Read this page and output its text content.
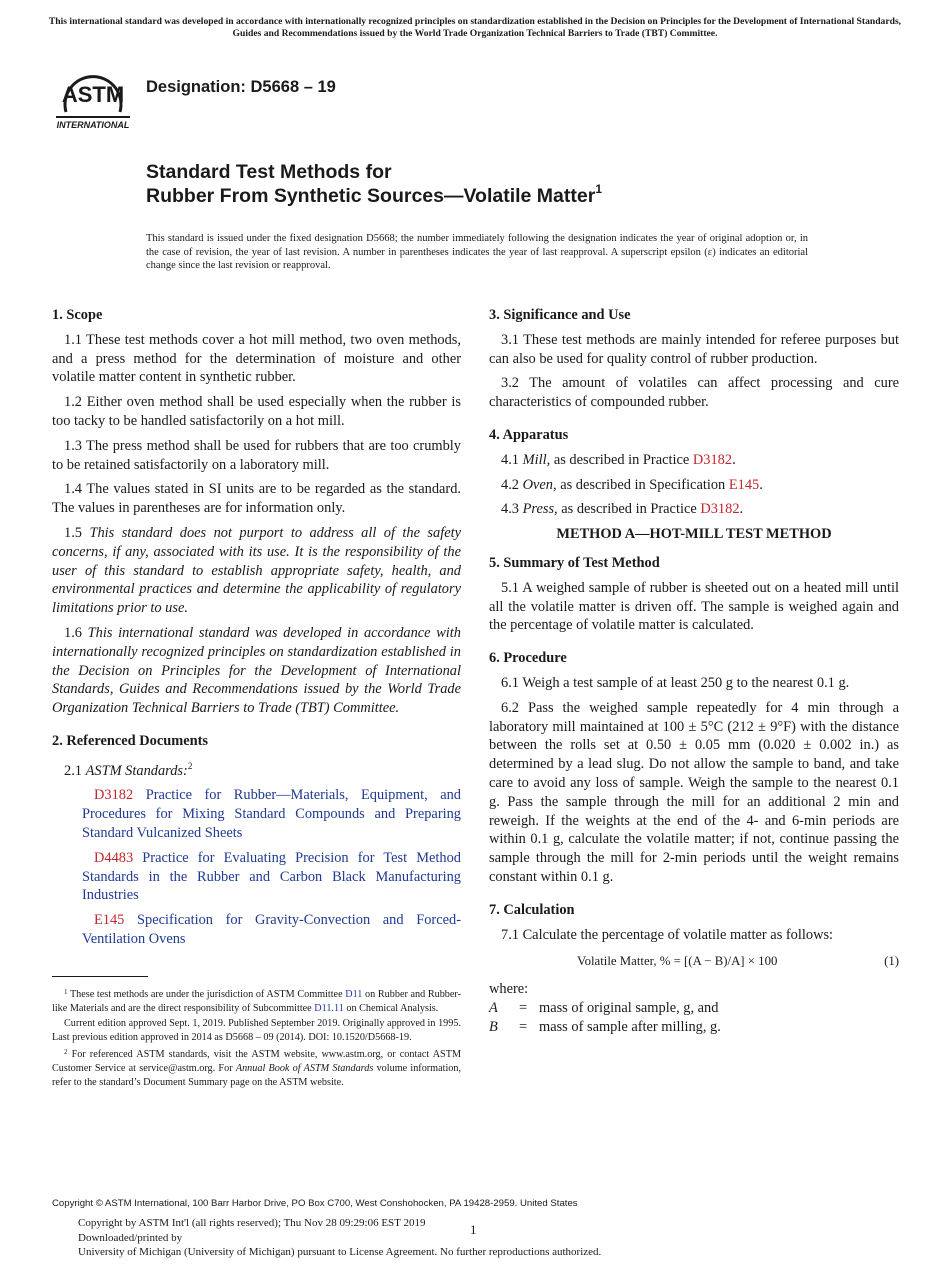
This international standard was developed in accordance with internationally recognized principles on standardization established in the Decision on Principles for the Development of International Standards, Guides and Recommendations issued by the World Trade Organization Technical Barriers to Trade (TBT) Committee.
ASTM
INTERNATIONAL
Designation: D5668 – 19
Standard Test Methods for
Rubber From Synthetic Sources—Volatile Matter$^1$
This standard is issued under the fixed designation D5668; the number immediately following the designation indicates the year of original adoption or, in the case of revision, the year of last revision. A number in parentheses indicates the year of last reapproval. A superscript epsilon (ε) indicates an editorial change since the last revision or reapproval.
1. Scope

1.1 These test methods cover a hot mill method, two oven methods, and a press method for the determination of moisture and other volatile matter content in synthetic rubber.

1.2 Either oven method shall be used especially when the rubber is too tacky to be handled satisfactorily on a hot mill.

1.3 The press method shall be used for rubbers that are too crumbly to be retained satisfactorily on a laboratory mill.

1.4 The values stated in SI units are to be regarded as the standard. The values in parentheses are for information only.

1.5 This standard does not purport to address all of the safety concerns, if any, associated with its use. It is the responsibility of the user of this standard to establish appropriate safety, health, and environmental practices and determine the applicability of regulatory limitations prior to use.

1.6 This international standard was developed in accordance with internationally recognized principles on standardization established in the Decision on Principles for the Development of International Standards, Guides and Recommendations issued by the World Trade Organization Technical Barriers to Trade (TBT) Committee.

2. Referenced Documents

2.1 ASTM Standards:$^2$

D3182 Practice for Rubber—Materials, Equipment, and Procedures for Mixing Standard Compounds and Preparing Standard Vulcanized Sheets

D4483 Practice for Evaluating Precision for Test Method Standards in the Rubber and Carbon Black Manufacturing Industries

E145 Specification for Gravity-Convection and Forced-Ventilation Ovens

$^1$ These test methods are under the jurisdiction of ASTM Committee D11 on Rubber and Rubber-like Materials and are the direct responsibility of Subcommittee D11.11 on Chemical Analysis.

Current edition approved Sept. 1, 2019. Published September 2019. Originally approved in 1995. Last previous edition approved in 2014 as D5668 – 09 (2014). DOI: 10.1520/D5668-19.

$^2$ For referenced ASTM standards, visit the ASTM website, www.astm.org, or contact ASTM Customer Service at service@astm.org. For Annual Book of ASTM Standards volume information, refer to the standard’s Document Summary page on the ASTM website.

3. Significance and Use

3.1 These test methods are mainly intended for referee purposes but can also be used for quality control of rubber production.

3.2 The amount of volatiles can affect processing and cure characteristics of compounded rubber.

4. Apparatus

4.1 Mill, as described in Practice D3182.

4.2 Oven, as described in Specification E145.

4.3 Press, as described in Practice D3182.

METHOD A—HOT-MILL TEST METHOD
5. Summary of Test Method

5.1 A weighed sample of rubber is sheeted out on a heated mill until all the volatile matter is driven off. The sample is weighed again and the percentage of volatile matter is calculated.

6. Procedure

6.1 Weigh a test sample of at least 250 g to the nearest 0.1 g.

6.2 Pass the weighed sample repeatedly for 4 min through a laboratory mill maintained at 100 ± 5°C (212 ± 9°F) with the distance between the rolls set at 0.50 ± 0.05 mm (0.020 ± 0.002 in.) as determined by a lead slug. Do not allow the sample to band, and take care to avoid any loss of sample. Weigh the sample to the nearest 0.1 g. Pass the sample through the mill for an additional 2 min and reweigh. If the weights at the end of the 4- and 6-min periods are within 0.1 g, calculate the volatile matter; if not, continue passing the sample through the mill for 2-min periods until the weight remains constant within 0.1 g.

7. Calculation

7.1 Calculate the percentage of volatile matter as follows:

Volatile Matter, % = [(A − B)/A] × 100	(1)
where:
A	= mass of original sample, g, and
B	= mass of sample after milling, g.
Copyright © ASTM International, 100 Barr Harbor Drive, PO Box C700, West Conshohocken, PA 19428-2959. United States
Copyright by ASTM Int'l (all rights reserved); Thu Nov 28 09:29:06 EST 2019
Downloaded/printed by
University of Michigan (University of Michigan) pursuant to License Agreement. No further reproductions authorized.
1
